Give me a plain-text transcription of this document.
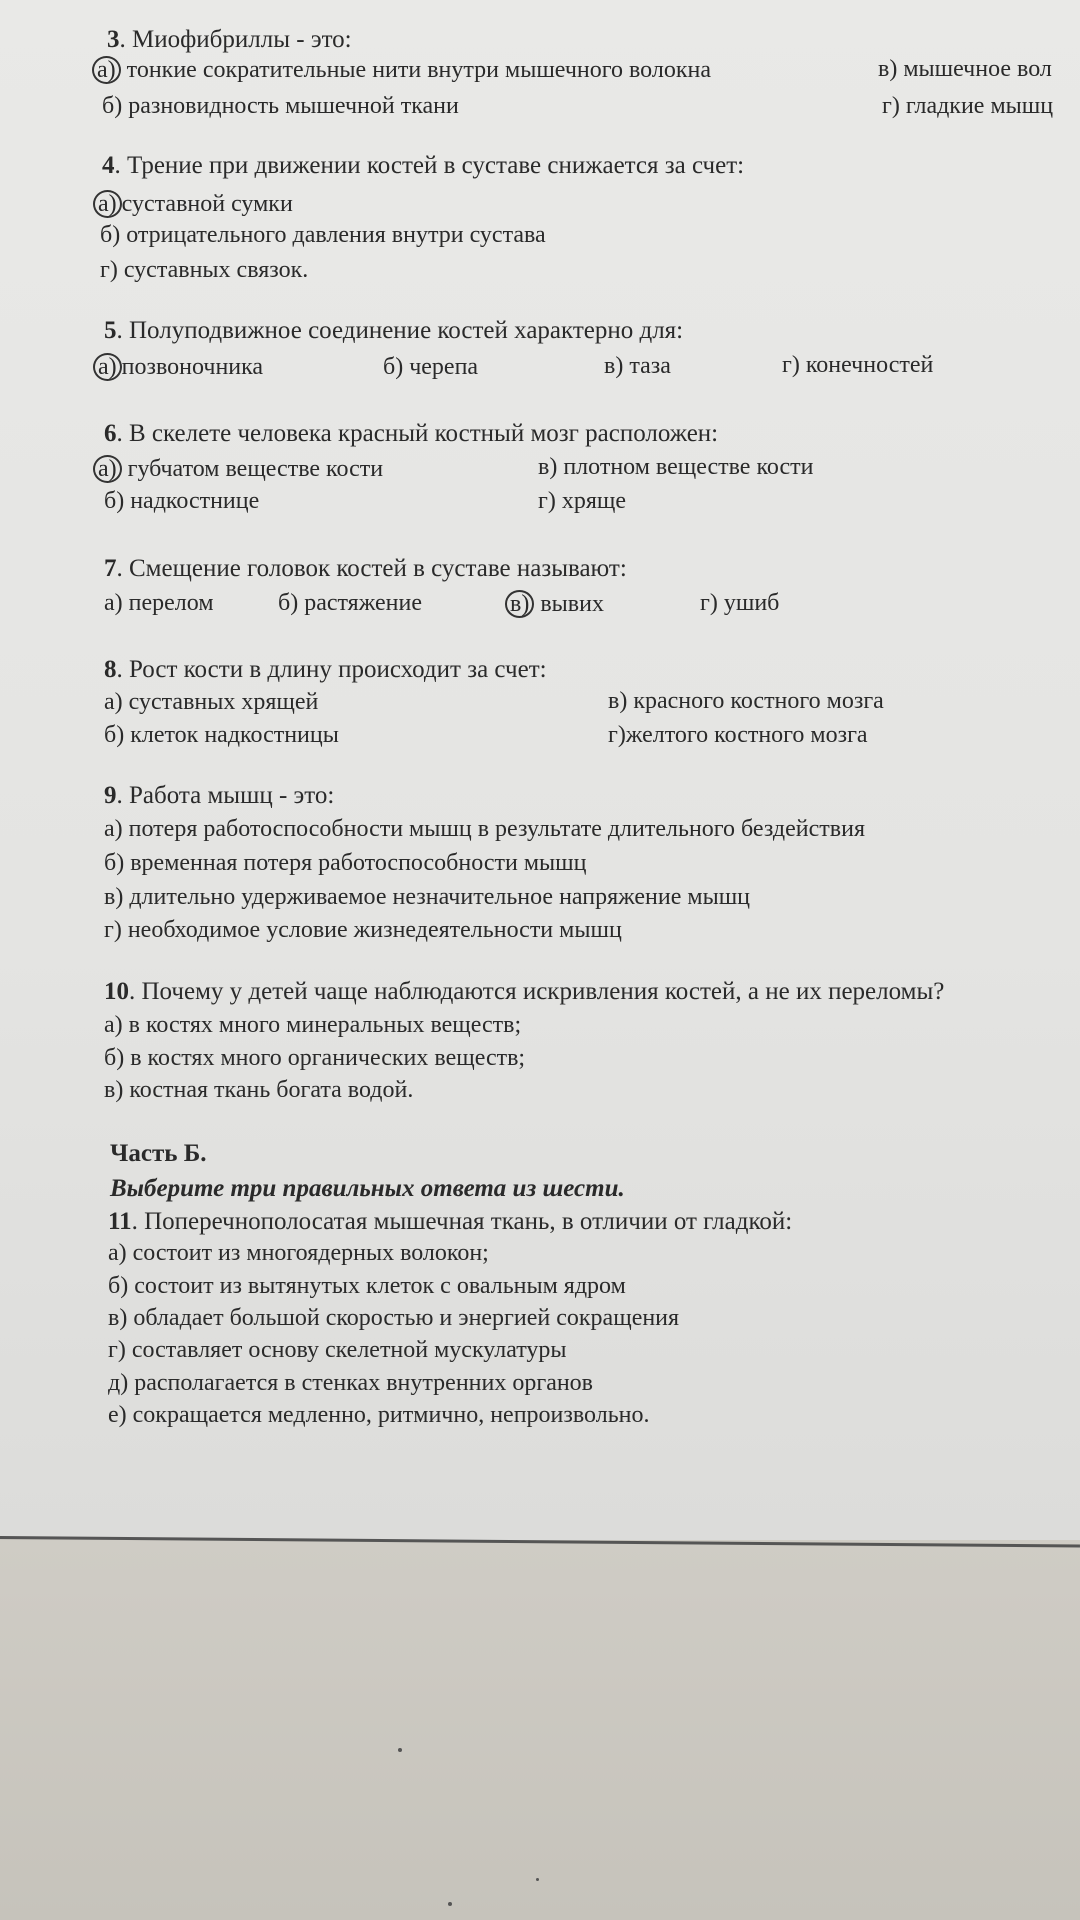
3. Миофибриллы - это:
а) тонкие сократительные нити внутри мышечного волокна	в) мышечное вол
б) разновидность мышечной ткани	г) гладкие мышц
4. Трение при движении костей в суставе снижается за счет:
а) суставной сумки
б) отрицательного давления внутри сустава
г) суставных связок.
5. Полуподвижное соединение костей характерно для:
а) позвоночника	б) черепа	в) таза	г) конечностей
6. В скелете человека красный костный мозг расположен:
а) губчатом веществе кости	в) плотном веществе кости
б) надкостнице	г) хряще
7. Смещение головок костей в суставе называют:
а) перелом	б) растяжение	в) вывих	г) ушиб
8. Рост кости в длину происходит за счет:
а) суставных хрящей	в) красного костного мозга
б) клеток надкостницы	г)желтого костного мозга
9. Работа мышц - это:
а) потеря работоспособности мышц в результате длительного бездействия
б) временная потеря работоспособности мышц
в) длительно удерживаемое незначительное напряжение мышц
г) необходимое условие жизнедеятельности мышц
10. Почему у детей чаще наблюдаются искривления костей, а не их переломы?
а) в костях много минеральных веществ;
б) в костях много органических веществ;
в) костная ткань богата водой.
Часть Б.
Выберите три правильных ответа из шести.
11. Поперечнополосатая мышечная ткань, в отличии от гладкой:
а) состоит из многоядерных волокон;
б) состоит из вытянутых клеток с овальным ядром
в) обладает большой скоростью и энергией сокращения
г) составляет основу скелетной мускулатуры
д) располагается в стенках внутренних органов
е) сокращается медленно, ритмично, непроизвольно.
